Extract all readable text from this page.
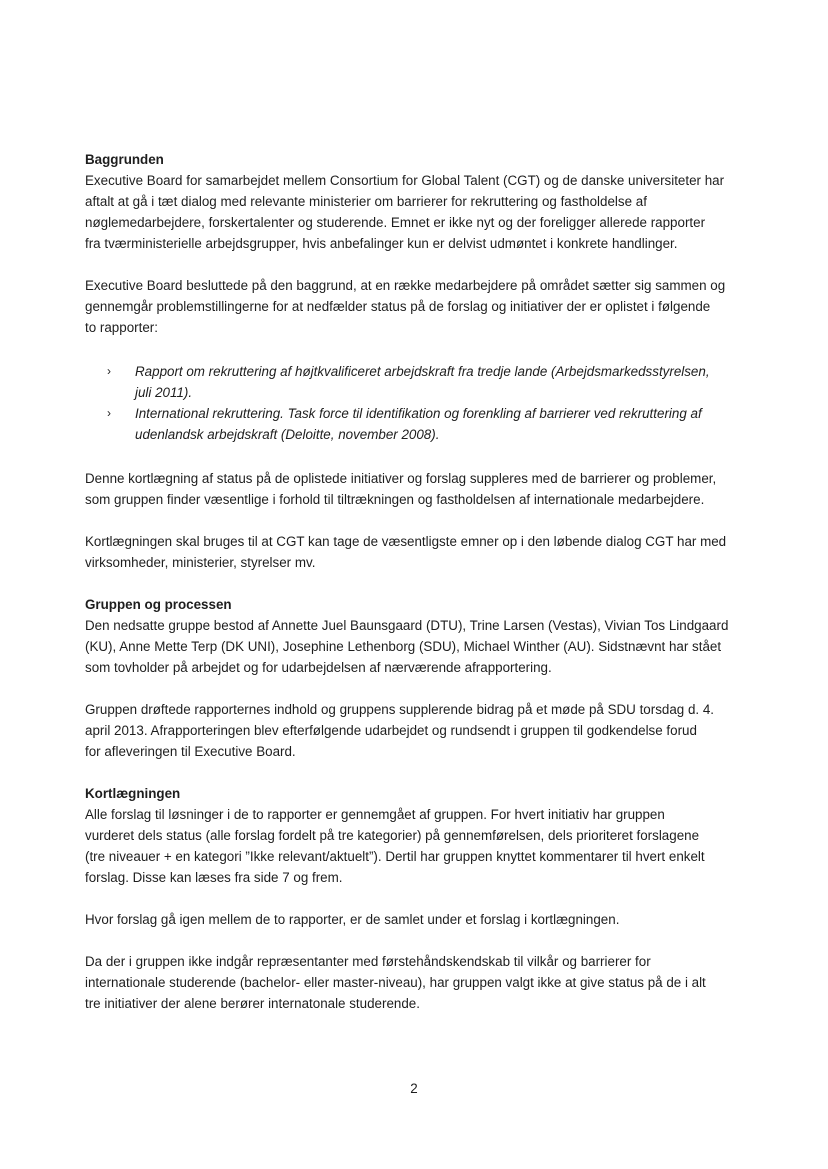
Baggrunden

Executive Board for samarbejdet mellem Consortium for Global Talent (CGT) og de danske universiteter har
aftalt at gå i tæt dialog med relevante ministerier om barrierer for rekruttering og fastholdelse af
nøglemedarbejdere, forskertalenter og studerende. Emnet er ikke nyt og der foreligger allerede rapporter
fra tværministerielle arbejdsgrupper, hvis anbefalinger kun er delvist udmøntet i konkrete handlinger.

Executive Board besluttede på den baggrund, at en række medarbejdere på området sætter sig sammen og
gennemgår problemstillingerne for at nedfælder status på de forslag og initiativer der er oplistet i følgende
to rapporter:

› Rapport om rekruttering af højtkvalificeret arbejdskraft fra tredje lande (Arbejdsmarkedsstyrelsen,
juli 2011).
› International rekruttering. Task force til identifikation og forenkling af barrierer ved rekruttering af
udenlandsk arbejdskraft (Deloitte, november 2008).

Denne kortlægning af status på de oplistede initiativer og forslag suppleres med de barrierer og problemer,
som gruppen finder væsentlige i forhold til tiltrækningen og fastholdelsen af internationale medarbejdere.

Kortlægningen skal bruges til at CGT kan tage de væsentligste emner op i den løbende dialog CGT har med
virksomheder, ministerier, styrelser mv.

Gruppen og processen

Den nedsatte gruppe bestod af Annette Juel Baunsgaard (DTU), Trine Larsen (Vestas), Vivian Tos Lindgaard
(KU), Anne Mette Terp (DK UNI), Josephine Lethenborg (SDU), Michael Winther (AU). Sidstnævnt har stået
som tovholder på arbejdet og for udarbejdelsen af nærværende afrapportering.

Gruppen drøftede rapporternes indhold og gruppens supplerende bidrag på et møde på SDU torsdag d. 4.
april 2013. Afrapporteringen blev efterfølgende udarbejdet og rundsendt i gruppen til godkendelse forud
for afleveringen til Executive Board.

Kortlægningen

Alle forslag til løsninger i de to rapporter er gennemgået af gruppen. For hvert initiativ har gruppen
vurderet dels status (alle forslag fordelt på tre kategorier) på gennemførelsen, dels prioriteret forslagene
(tre niveauer + en kategori ”Ikke relevant/aktuelt”). Dertil har gruppen knyttet kommentarer til hvert enkelt
forslag. Disse kan læses fra side 7 og frem.

Hvor forslag gå igen mellem de to rapporter, er de samlet under et forslag i kortlægningen.

Da der i gruppen ikke indgår repræsentanter med førstehåndskendskab til vilkår og barrierer for
internationale studerende (bachelor- eller master-niveau), har gruppen valgt ikke at give status på de i alt
tre initiativer der alene berører internatonale studerende.

2
